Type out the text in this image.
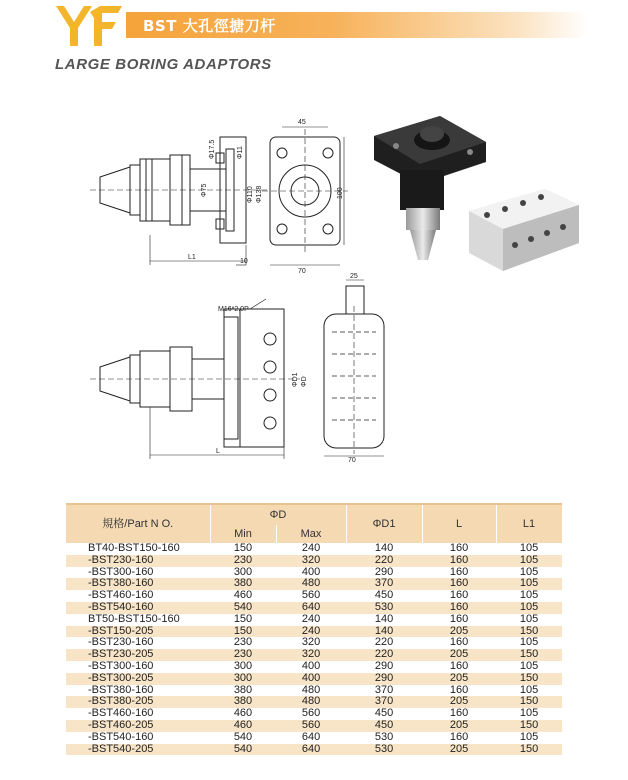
BST 大孔徑搪刀杆
LARGE BORING ADAPTORS
Φ75
Φ17.5	Φ11
Φ110 Φ138
L1
10
45
70
100
M16*2.0P
ΦD1 ΦD
L
25
70
規格/Part N O.	ΦD		ΦD1	L	L1
	Min	Max			
BT40-BST150-160	150	240	140	160	105
-BST230-160	230	320	220	160	105
-BST300-160	300	400	290	160	105
-BST380-160	380	480	370	160	105
-BST460-160	460	560	450	160	105
-BST540-160	540	640	530	160	105
BT50-BST150-160	150	240	140	160	105
-BST150-205	150	240	140	205	150
-BST230-160	230	320	220	160	105
-BST230-205	230	320	220	205	150
-BST300-160	300	400	290	160	105
-BST300-205	300	400	290	205	150
-BST380-160	380	480	370	160	105
-BST380-205	380	480	370	205	150
-BST460-160	460	560	450	160	105
-BST460-205	460	560	450	205	150
-BST540-160	540	640	530	160	105
-BST540-205	540	640	530	205	150
